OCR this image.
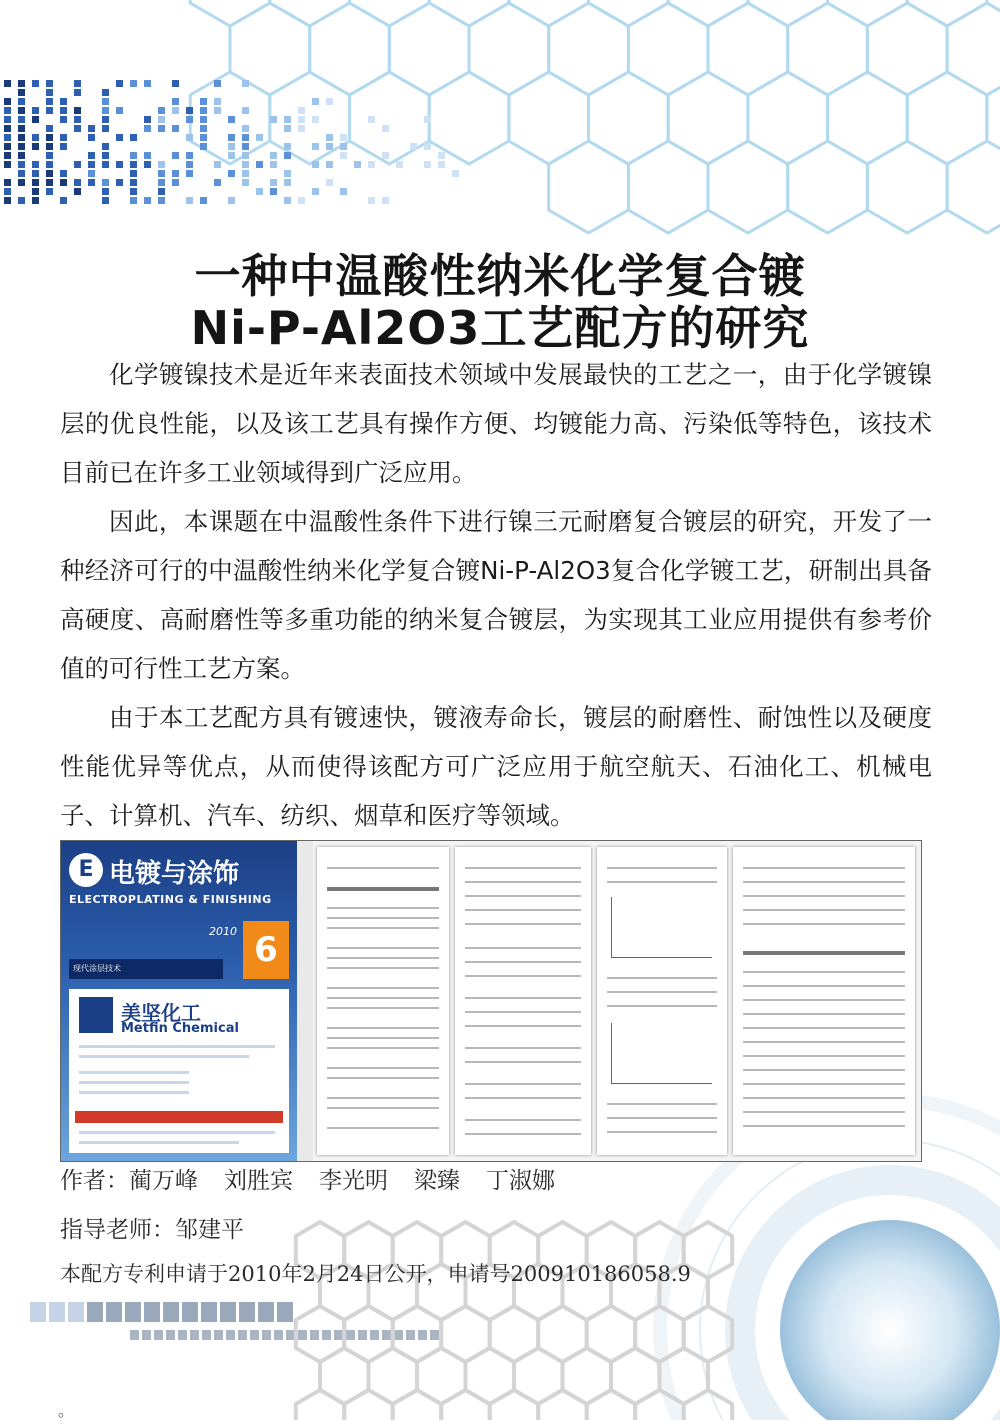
一种中温酸性纳米化学复合镀
Ni-P-Al2O3工艺配方的研究

化学镀镍技术是近年来表面技术领域中发展最快的工艺之一，由于化学镀镍层的优良性能，以及该工艺具有操作方便、均镀能力高、污染低等特色，该技术目前已在许多工业领域得到广泛应用。

因此，本课题在中温酸性条件下进行镍三元耐磨复合镀层的研究，开发了一种经济可行的中温酸性纳米化学复合镀Ni-P-Al2O3复合化学镀工艺，研制出具备高硬度、高耐磨性等多重功能的纳米复合镀层，为实现其工业应用提供有参考价值的可行性工艺方案。

由于本工艺配方具有镀速快，镀液寿命长，镀层的耐磨性、耐蚀性以及硬度性能优异等优点，从而使得该配方可广泛应用于航空航天、石油化工、机械电子、计算机、汽车、纺织、烟草和医疗等领域。

E 电镀与涂饰
ELECTROPLATING & FINISHING
2010 6
现代涂层技术
美坚化工
Metfin Chemical

作者：蔺万峰 刘胜宾 李光明 梁臻 丁淑娜

指导老师：邹建平

本配方专利申请于2010年2月24日公开，申请号200910186058.9

。
